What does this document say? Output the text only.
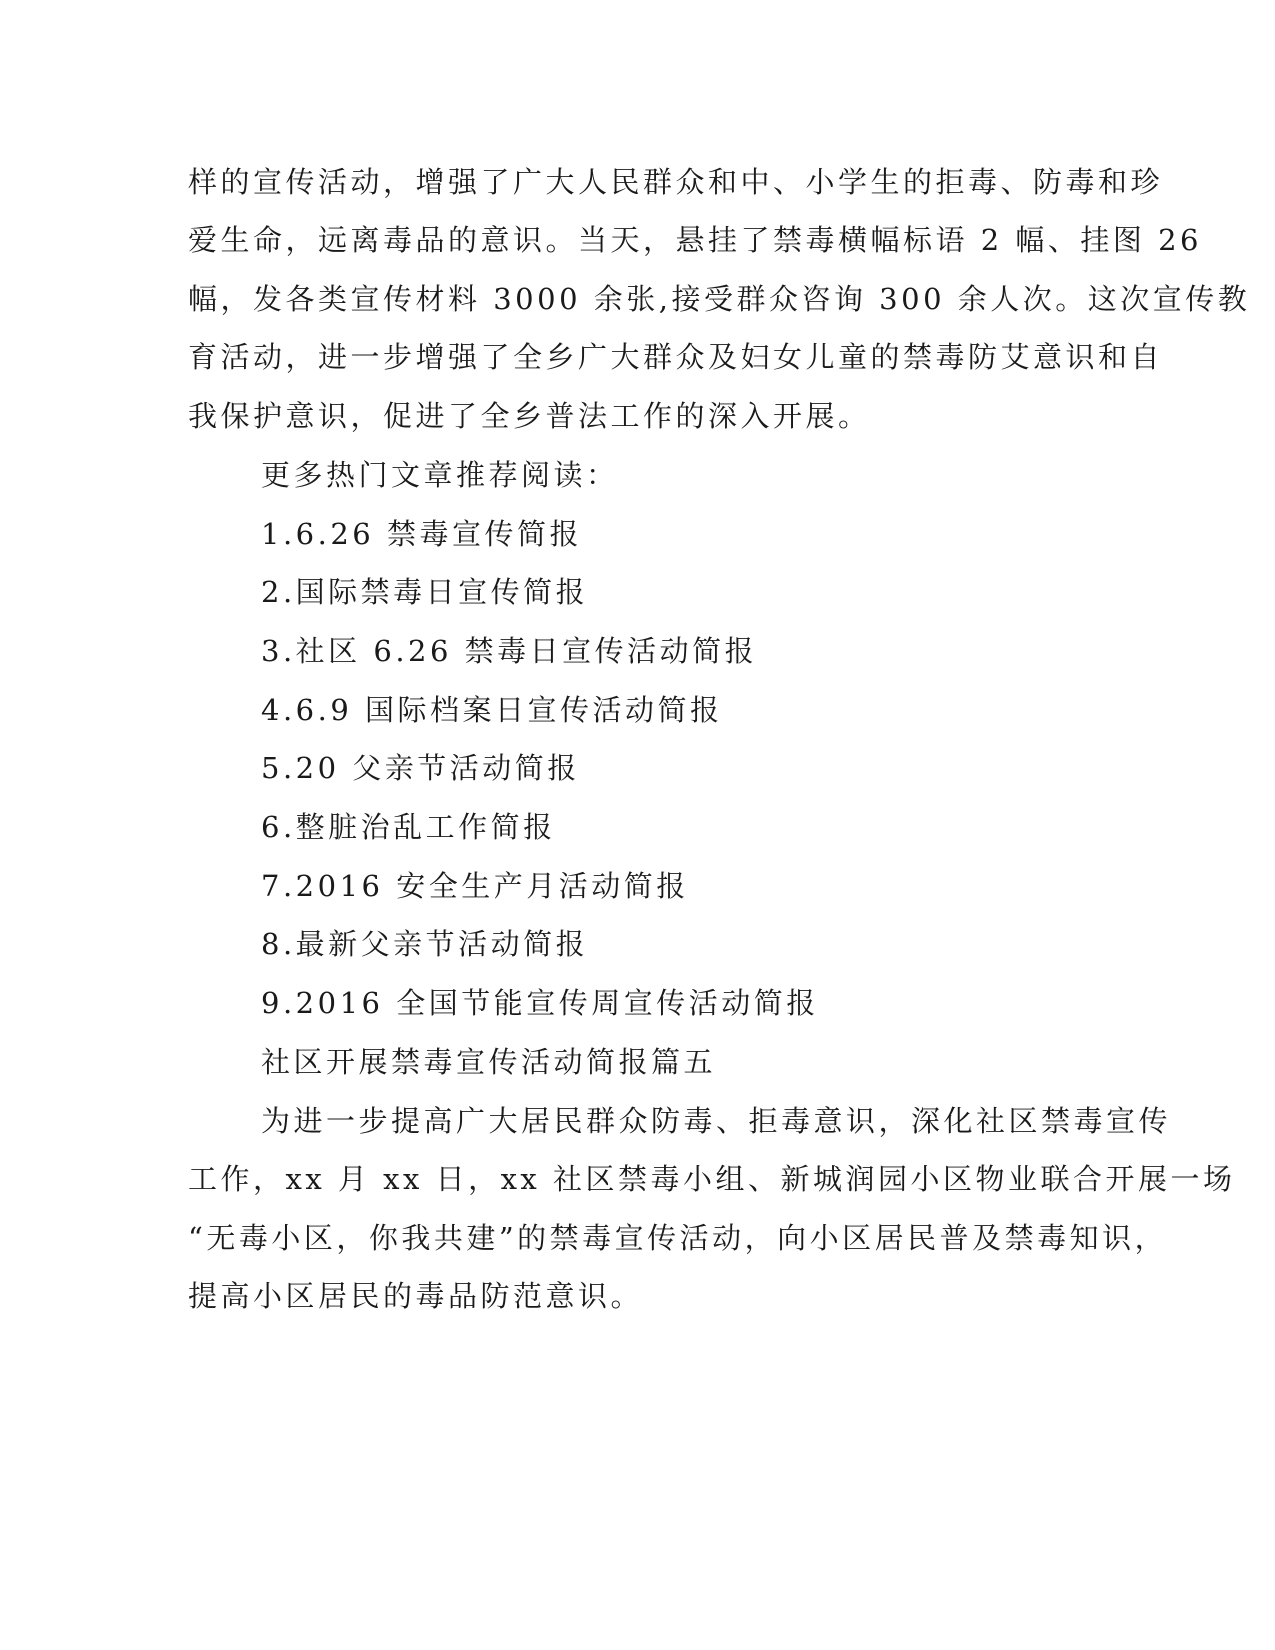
样的宣传活动，增强了广大人民群众和中、小学生的拒毒、防毒和珍
爱生命，远离毒品的意识。当天，悬挂了禁毒横幅标语 2 幅、挂图 26
幅，发各类宣传材料 3000 余张,接受群众咨询 300 余人次。这次宣传教
育活动，进一步增强了全乡广大群众及妇女儿童的禁毒防艾意识和自
我保护意识，促进了全乡普法工作的深入开展。
更多热门文章推荐阅读：
1.6.26 禁毒宣传简报
2.国际禁毒日宣传简报
3.社区 6.26 禁毒日宣传活动简报
4.6.9 国际档案日宣传活动简报
5.20 父亲节活动简报
6.整脏治乱工作简报
7.2016 安全生产月活动简报
8.最新父亲节活动简报
9.2016 全国节能宣传周宣传活动简报
社区开展禁毒宣传活动简报篇五
为进一步提高广大居民群众防毒、拒毒意识，深化社区禁毒宣传
工作，xx 月 xx 日，xx 社区禁毒小组、新城润园小区物业联合开展一场
“无毒小区，你我共建”的禁毒宣传活动，向小区居民普及禁毒知识，
提高小区居民的毒品防范意识。
